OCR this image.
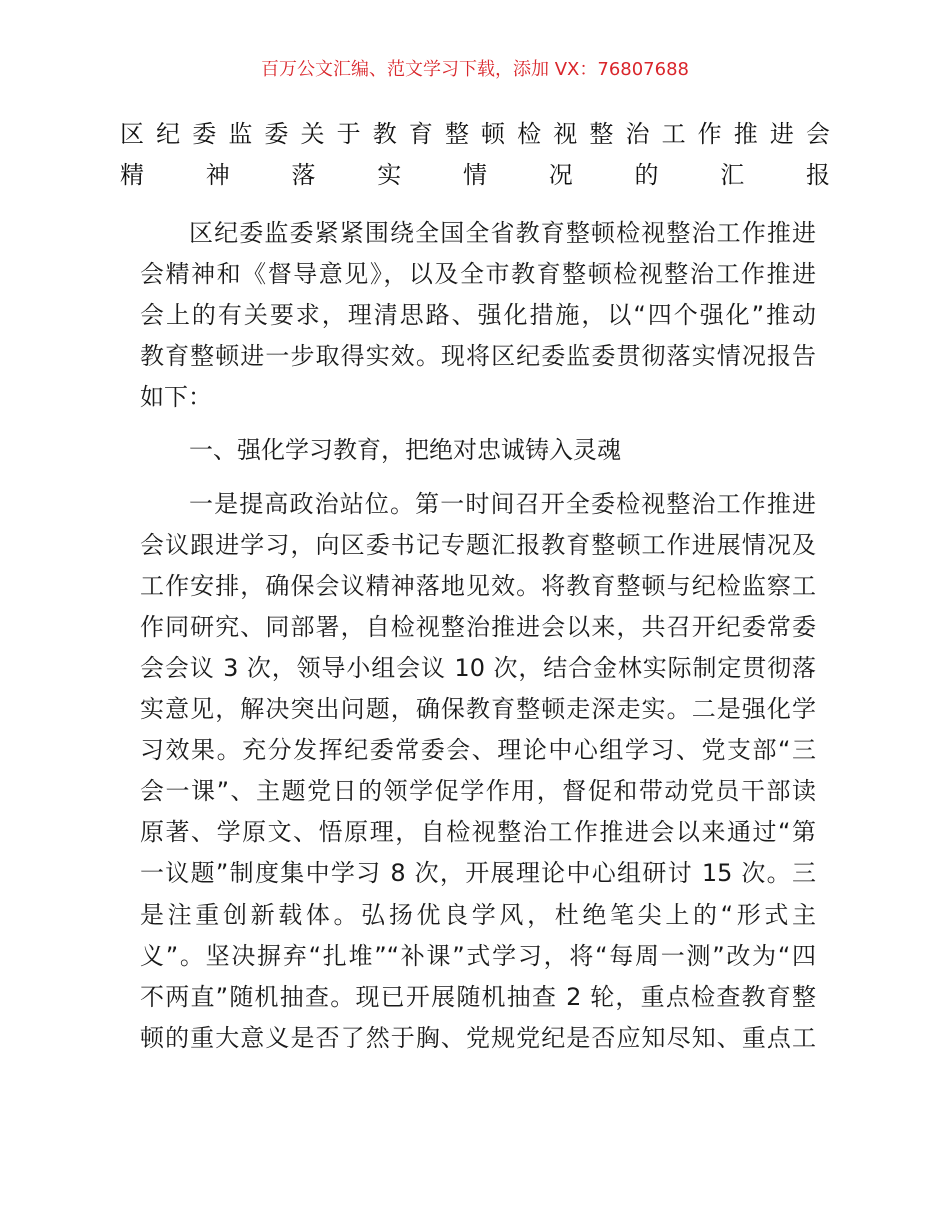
百万公文汇编、范文学习下载，添加 VX：76807688
区纪委监委关于教育整顿检视整治工作推进会
精神落实情况的汇报
区纪委监委紧紧围绕全国全省教育整顿检视整治工作推进
会精神和《督导意见》，以及全市教育整顿检视整治工作推进
会上的有关要求，理清思路、强化措施，以“四个强化”推动
教育整顿进一步取得实效。现将区纪委监委贯彻落实情况报告
如下：
一、强化学习教育，把绝对忠诚铸入灵魂
一是提高政治站位。第一时间召开全委检视整治工作推进
会议跟进学习，向区委书记专题汇报教育整顿工作进展情况及
工作安排，确保会议精神落地见效。将教育整顿与纪检监察工
作同研究、同部署，自检视整治推进会以来，共召开纪委常委
会会议 3 次，领导小组会议 10 次，结合金林实际制定贯彻落
实意见，解决突出问题，确保教育整顿走深走实。二是强化学
习效果。充分发挥纪委常委会、理论中心组学习、党支部“三
会一课”、主题党日的领学促学作用，督促和带动党员干部读
原著、学原文、悟原理，自检视整治工作推进会以来通过“第
一议题”制度集中学习 8 次，开展理论中心组研讨 15 次。三
是注重创新载体。弘扬优良学风，杜绝笔尖上的“形式主
义”。坚决摒弃“扎堆”“补课”式学习，将“每周一测”改为“四
不两直”随机抽查。现已开展随机抽查 2 轮，重点检查教育整
顿的重大意义是否了然于胸、党规党纪是否应知尽知、重点工
